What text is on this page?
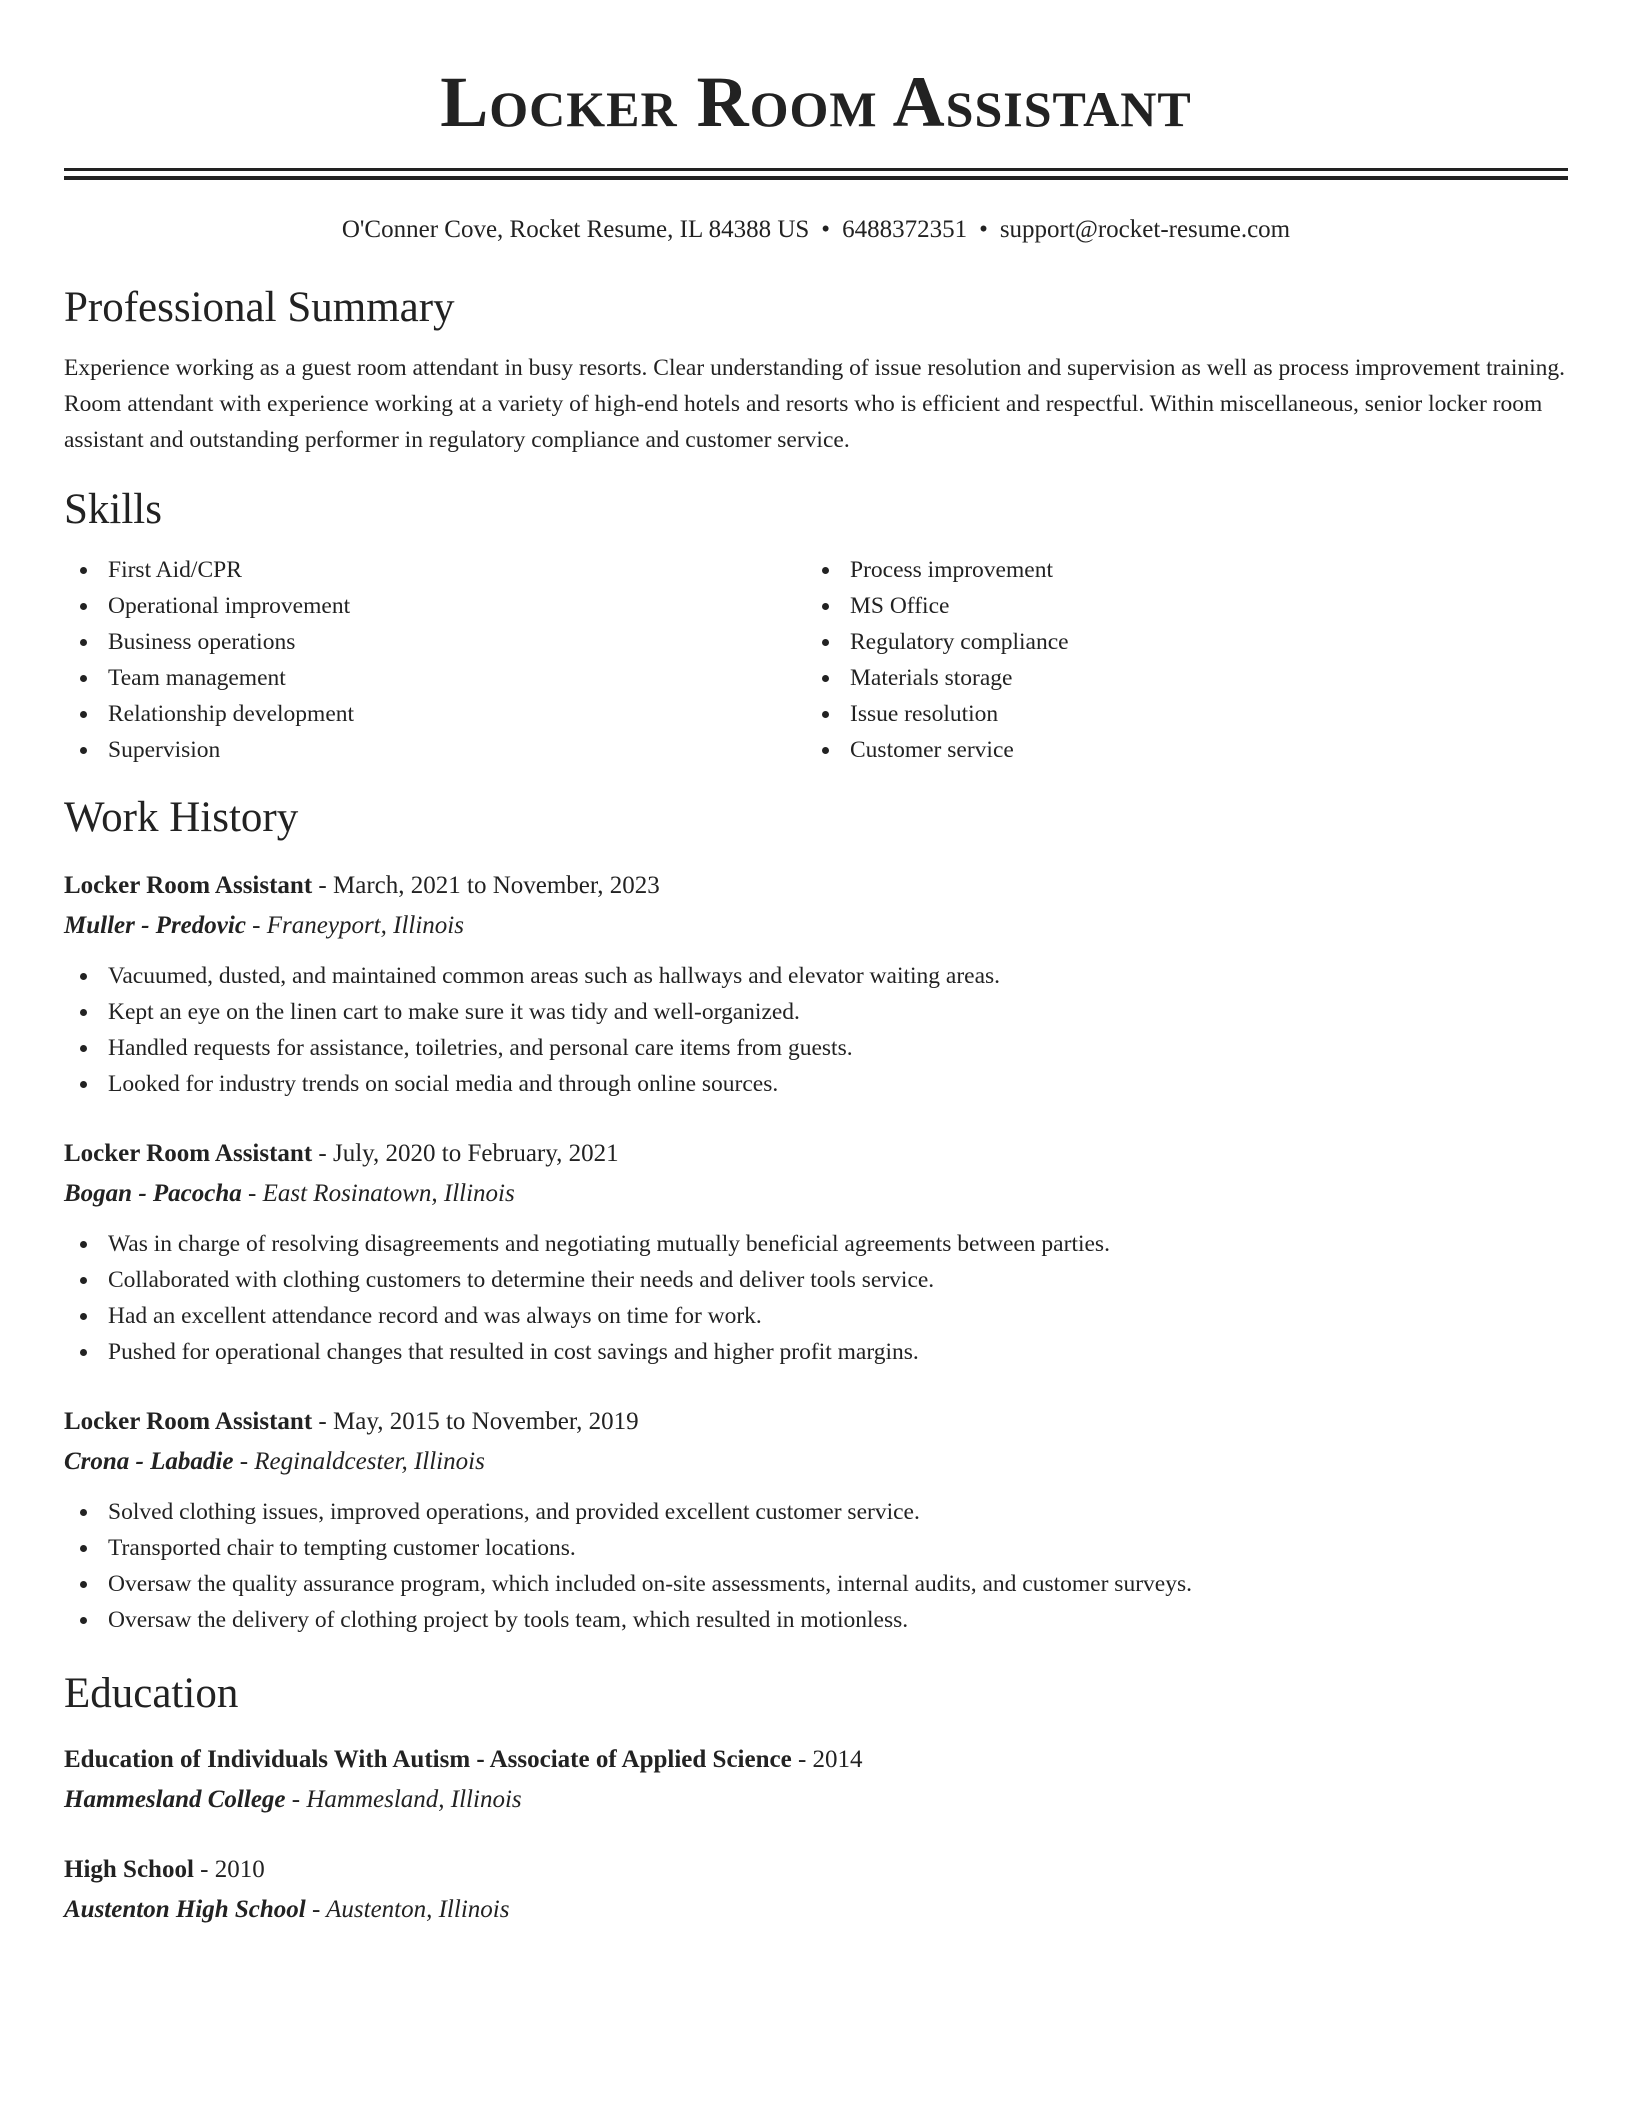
Locker Room Assistant
O'Conner Cove, Rocket Resume, IL 84388 US • 6488372351 • support@rocket-resume.com
Professional Summary
Experience working as a guest room attendant in busy resorts. Clear understanding of issue resolution and supervision as well as process improvement training. Room attendant with experience working at a variety of high-end hotels and resorts who is efficient and respectful. Within miscellaneous, senior locker room assistant and outstanding performer in regulatory compliance and customer service.
Skills
First Aid/CPR
Operational improvement
Business operations
Team management
Relationship development
Supervision
Process improvement
MS Office
Regulatory compliance
Materials storage
Issue resolution
Customer service
Work History
Locker Room Assistant - March, 2021 to November, 2023
Muller - Predovic - Franeyport, Illinois
Vacuumed, dusted, and maintained common areas such as hallways and elevator waiting areas.
Kept an eye on the linen cart to make sure it was tidy and well-organized.
Handled requests for assistance, toiletries, and personal care items from guests.
Looked for industry trends on social media and through online sources.
Locker Room Assistant - July, 2020 to February, 2021
Bogan - Pacocha - East Rosinatown, Illinois
Was in charge of resolving disagreements and negotiating mutually beneficial agreements between parties.
Collaborated with clothing customers to determine their needs and deliver tools service.
Had an excellent attendance record and was always on time for work.
Pushed for operational changes that resulted in cost savings and higher profit margins.
Locker Room Assistant - May, 2015 to November, 2019
Crona - Labadie - Reginaldcester, Illinois
Solved clothing issues, improved operations, and provided excellent customer service.
Transported chair to tempting customer locations.
Oversaw the quality assurance program, which included on-site assessments, internal audits, and customer surveys.
Oversaw the delivery of clothing project by tools team, which resulted in motionless.
Education
Education of Individuals With Autism - Associate of Applied Science - 2014
Hammesland College - Hammesland, Illinois
High School - 2010
Austenton High School - Austenton, Illinois
